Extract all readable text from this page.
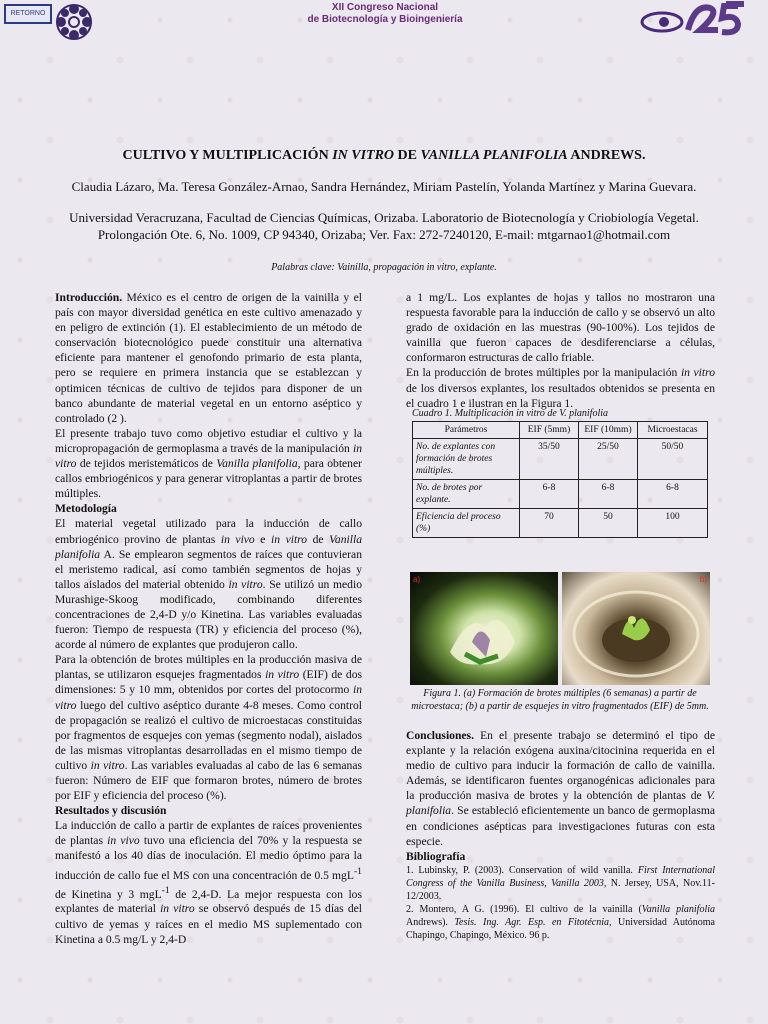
RETORNO
XII Congreso Nacional
de Biotecnología y Bioingeniería
CULTIVO Y MULTIPLICACIÓN IN VITRO DE VANILLA PLANIFOLIA ANDREWS.
Claudia Lázaro, Ma. Teresa González-Arnao, Sandra Hernández, Miriam Pastelín, Yolanda Martínez y Marina Guevara.
Universidad Veracruzana, Facultad de Ciencias Químicas, Orizaba. Laboratorio de Biotecnología y Criobiología Vegetal. Prolongación Ote. 6, No. 1009, CP 94340, Orizaba; Ver. Fax: 272-7240120, E-mail: mtgarnao1@hotmail.com
Palabras clave: Vainilla, propagación in vitro, explante.

Introducción. México es el centro de origen de la vainilla y el país con mayor diversidad genética en este cultivo amenazado y en peligro de extinción (1). El establecimiento de un método de conservación biotecnológico puede constituir una alternativa eficiente para mantener el genofondo primario de esta planta, pero se requiere en primera instancia que se establezcan y optimicen técnicas de cultivo de tejidos para disponer de un banco abundante de material vegetal en un entorno aséptico y controlado (2 ).

El presente trabajo tuvo como objetivo estudiar el cultivo y la micropropagación de germoplasma a través de la manipulación in vitro de tejidos meristemáticos de Vanilla planifolia, para obtener callos embriogénicos y para generar vitroplantas a partir de brotes múltiples.

Metodología

El material vegetal utilizado para la inducción de callo embriogénico provino de plantas in vivo e in vitro de Vanilla planifolia A. Se emplearon segmentos de raíces que contuvieran el meristemo radical, así como también segmentos de hojas y tallos aislados del material obtenido in vitro. Se utilizó un medio Murashige-Skoog modificado, combinando diferentes concentraciones de 2,4-D y/o Kinetina. Las variables evaluadas fueron: Tiempo de respuesta (TR) y eficiencia del proceso (%), acorde al número de explantes que produjeron callo.

Para la obtención de brotes múltiples en la producción masiva de plantas, se utilizaron esquejes fragmentados in vitro (EIF) de dos dimensiones: 5 y 10 mm, obtenidos por cortes del protocormo in vitro luego del cultivo aséptico durante 4-8 meses. Como control de propagación se realizó el cultivo de microestacas constituidas por fragmentos de esquejes con yemas (segmento nodal), aislados de las mismas vitroplantas desarrolladas en el mismo tiempo de cultivo in vitro. Las variables evaluadas al cabo de las 6 semanas fueron: Número de EIF que formaron brotes, número de brotes por EIF y eficiencia del proceso (%).

Resultados y discusión

La inducción de callo a partir de explantes de raíces provenientes de plantas in vivo tuvo una eficiencia del 70% y la respuesta se manifestó a los 40 días de inoculación. El medio óptimo para la inducción de callo fue el MS con una concentración de 0.5 mgL$^{-1}$ de Kinetina y 3 mgL$^{-1}$ de 2,4-D. La mejor respuesta con los explantes de material in vitro se observó después de 15 días del cultivo de yemas y raíces en el medio MS suplementado con Kinetina a 0.5 mg/L y 2,4-D

a 1 mg/L. Los explantes de hojas y tallos no mostraron una respuesta favorable para la inducción de callo y se observó un alto grado de oxidación en las muestras (90-100%). Los tejidos de vainilla que fueron capaces de desdiferenciarse a células, conformaron estructuras de callo friable.

En la producción de brotes múltiples por la manipulación in vitro de los diversos explantes, los resultados obtenidos se presenta en el cuadro 1 e ilustran en la Figura 1.

Cuadro 1. Multiplicación in vitro de V. planifolia
Parámetros	EIF (5mm)	EIF (10mm)	Microestacas
No. de explantes con formación de brotes múltiples.	35/50	25/50	50/50
No. de brotes por explante.	6-8	6-8	6-8
Eficiencia del proceso (%)	70	50	100
a)	b)
Figura 1. (a) Formación de brotes múltiples (6 semanas) a partir de microestaca; (b) a partir de esquejes in vitro fragmentados (EIF) de 5mm.

Conclusiones. En el presente trabajo se determinó el tipo de explante y la relación exógena auxina/citocinina requerida en el medio de cultivo para inducir la formación de callo de vainilla. Además, se identificaron fuentes organogénicas adicionales para la producción masiva de brotes y la obtención de plantas de V. planifolia. Se estableció eficientemente un banco de germoplasma en condiciones asépticas para investigaciones futuras con esta especie.

Bibliografía

1. Lubinsky, P. (2003). Conservation of wild vanilla. First International Congress of the Vanilla Business, Vanilla 2003, N. Jersey, USA, Nov.11-12/2003.

2. Montero, A G. (1996). El cultivo de la vainilla (Vanilla planifolia Andrews). Tesis. Ing. Agr. Esp. en Fitotécnia, Universidad Autónoma Chapingo, Chapingo, México. 96 p.
